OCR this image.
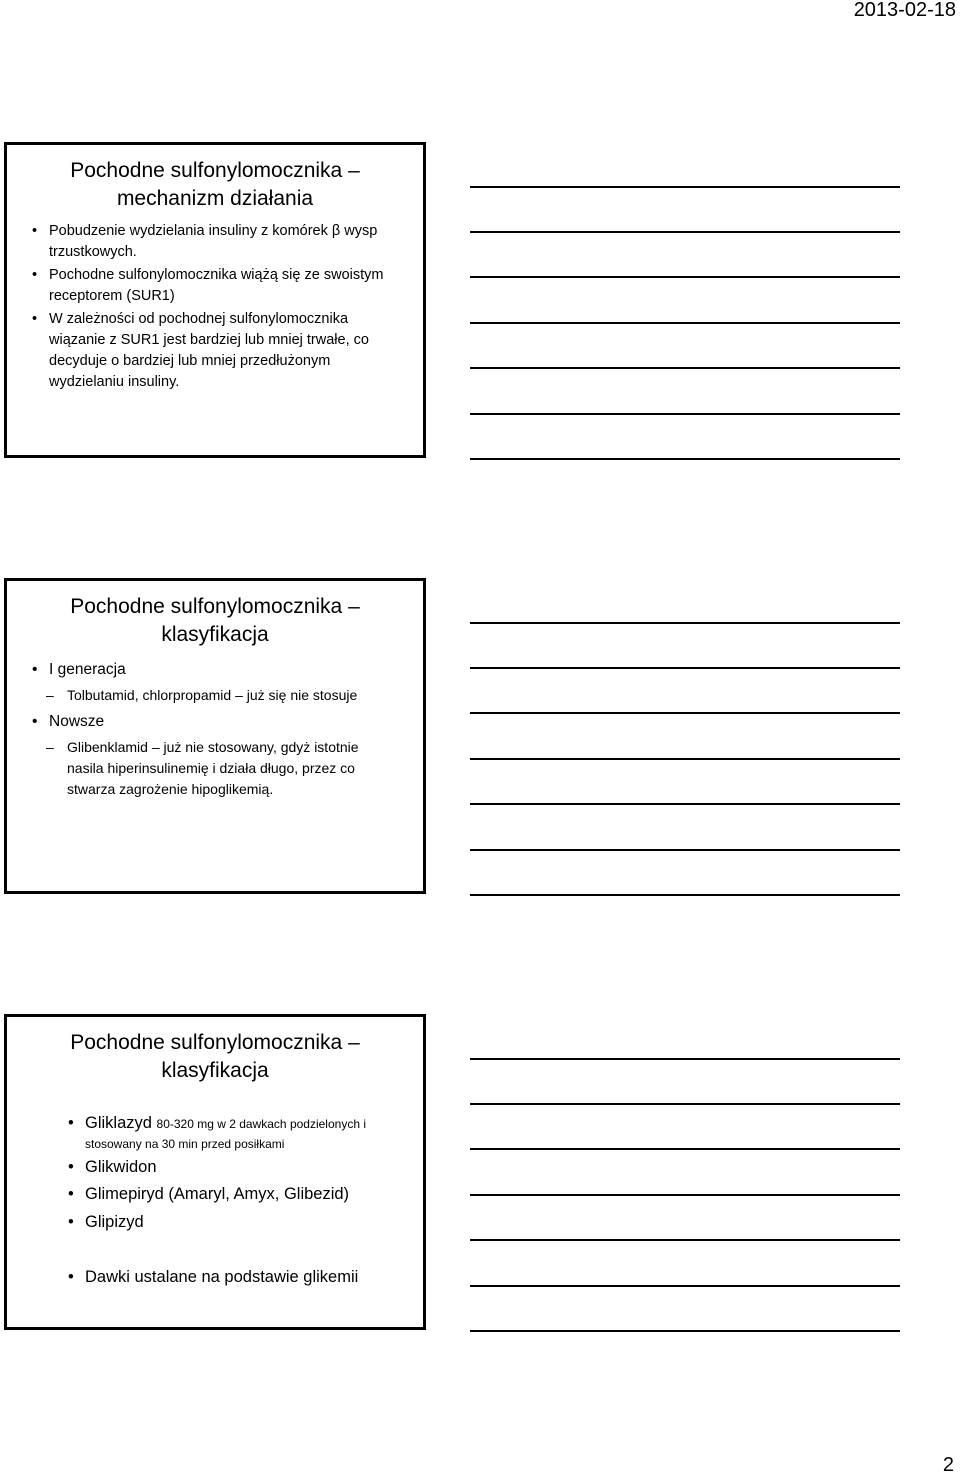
2013-02-18
Pochodne sulfonylomocznika –
mechanizm działania
• Pobudzenie wydzielania insuliny z komórek β wysp
trzustkowych.
• Pochodne sulfonylomocznika wiążą się ze swoistym
receptorem (SUR1)
• W zależności od pochodnej sulfonylomocznika
wiązanie z SUR1 jest bardziej lub mniej trwałe, co
decyduje o bardziej lub mniej przedłużonym
wydzielaniu insuliny.
Pochodne sulfonylomocznika –
klasyfikacja
• I generacja
– Tolbutamid, chlorpropamid – już się nie stosuje
• Nowsze
– Glibenklamid – już nie stosowany, gdyż istotnie
nasila hiperinsulinemię i działa długo, przez co
stwarza zagrożenie hipoglikemią.
Pochodne sulfonylomocznika –
klasyfikacja
• Gliklazyd 80-320 mg w 2 dawkach podzielonych i
stosowany na 30 min przed posiłkami
• Glikwidon
• Glimepiryd (Amaryl, Amyx, Glibezid)
• Glipizyd
• Dawki ustalane na podstawie glikemii
2
